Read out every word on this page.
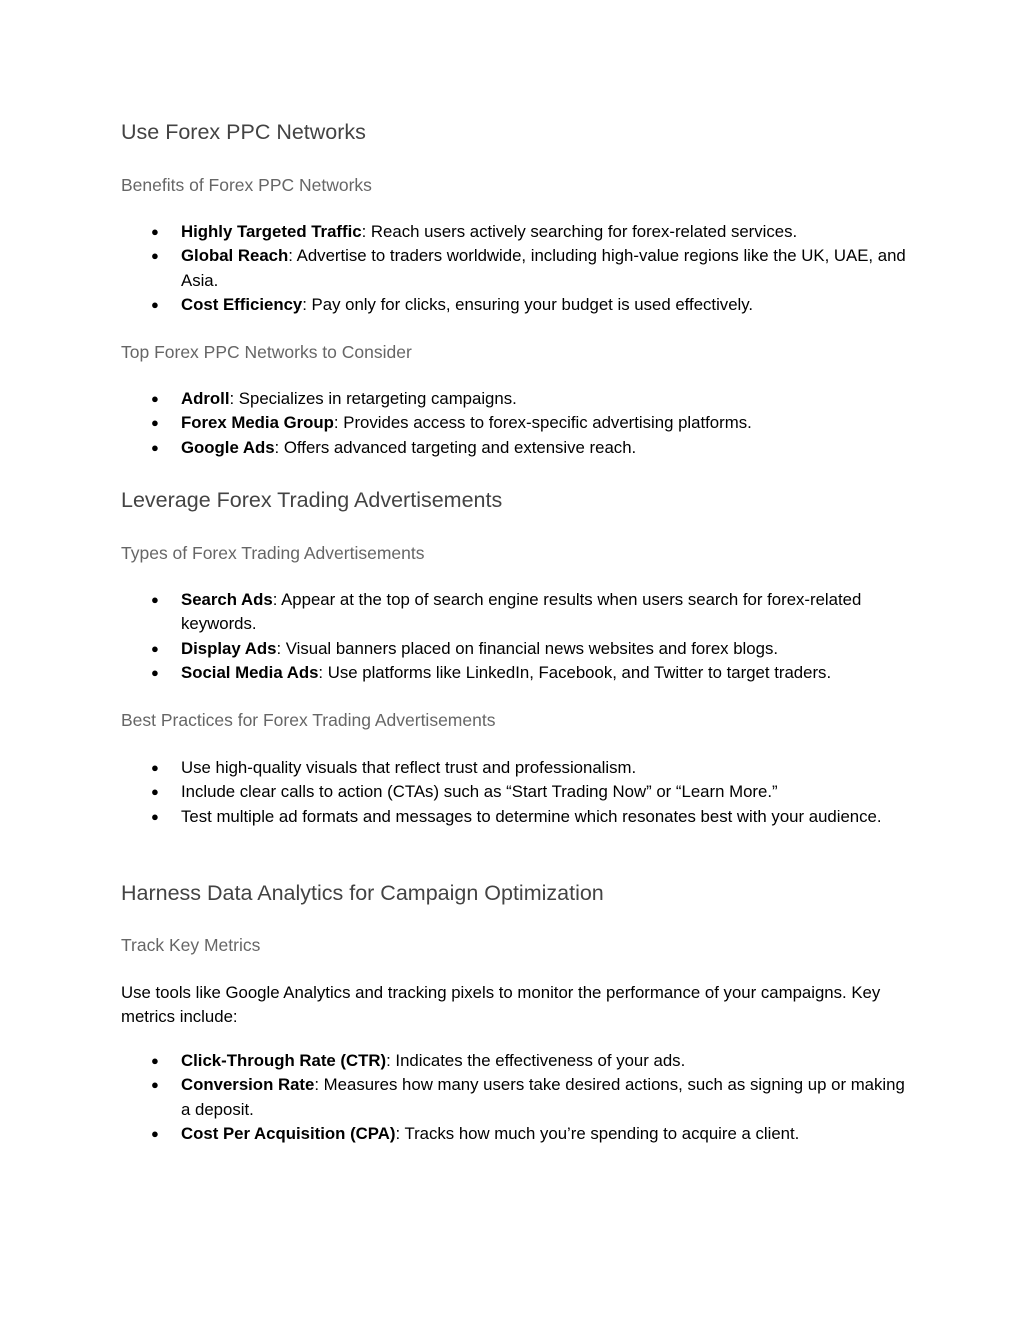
Use Forex PPC Networks
Benefits of Forex PPC Networks
● Highly Targeted Traffic: Reach users actively searching for forex-related services.
● Global Reach: Advertise to traders worldwide, including high-value regions like the UK, UAE, and Asia.
● Cost Efficiency: Pay only for clicks, ensuring your budget is used effectively.
Top Forex PPC Networks to Consider
● Adroll: Specializes in retargeting campaigns.
● Forex Media Group: Provides access to forex-specific advertising platforms.
● Google Ads: Offers advanced targeting and extensive reach.
Leverage Forex Trading Advertisements
Types of Forex Trading Advertisements
● Search Ads: Appear at the top of search engine results when users search for forex-related keywords.
● Display Ads: Visual banners placed on financial news websites and forex blogs.
● Social Media Ads: Use platforms like LinkedIn, Facebook, and Twitter to target traders.
Best Practices for Forex Trading Advertisements
● Use high-quality visuals that reflect trust and professionalism.
● Include clear calls to action (CTAs) such as “Start Trading Now” or “Learn More.”
● Test multiple ad formats and messages to determine which resonates best with your audience.
Harness Data Analytics for Campaign Optimization
Track Key Metrics

Use tools like Google Analytics and tracking pixels to monitor the performance of your campaigns. Key metrics include:

● Click-Through Rate (CTR): Indicates the effectiveness of your ads.
● Conversion Rate: Measures how many users take desired actions, such as signing up or making a deposit.
● Cost Per Acquisition (CPA): Tracks how much you’re spending to acquire a client.
